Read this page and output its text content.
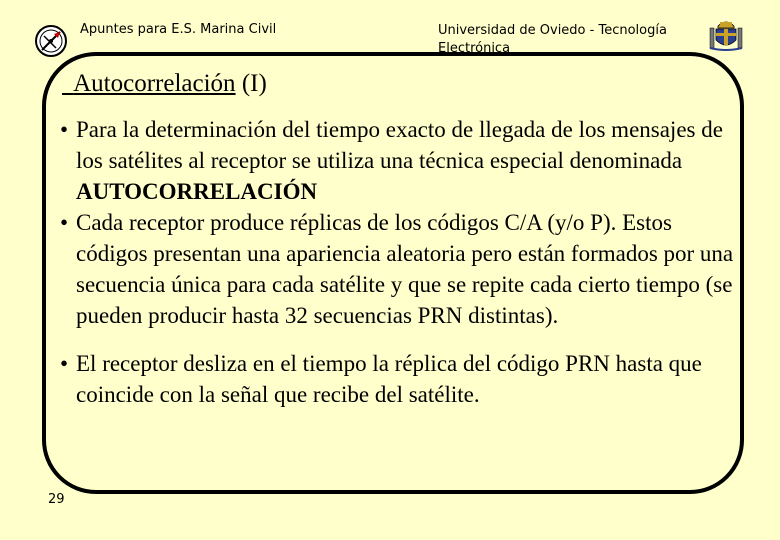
Apuntes para E.S. Marina Civil	Universidad de Oviedo - Tecnología Electrónica
Autocorrelación (I)
• Para la determinación del tiempo exacto de llegada de los mensajes de los satélites al receptor se utiliza una técnica especial denominada AUTOCORRELACIÓN
• Cada receptor produce réplicas de los códigos C/A (y/o P). Estos códigos presentan una apariencia aleatoria pero están formados por una secuencia única para cada satélite y que se repite cada cierto tiempo (se pueden producir hasta 32 secuencias PRN distintas).
• El receptor desliza en el tiempo la réplica del código PRN hasta que coincide con la señal que recibe del satélite.
29
